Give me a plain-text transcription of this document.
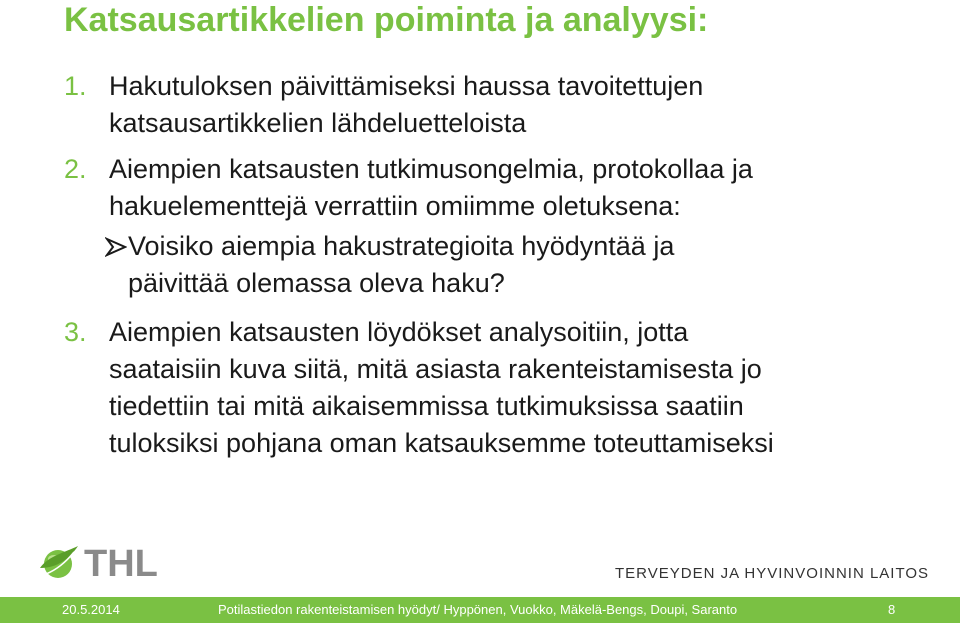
Katsausartikkelien poiminta ja analyysi:
1. Hakutuloksen päivittämiseksi haussa tavoitettujen
katsausartikkelien lähdeluetteloista
2. Aiempien katsausten tutkimusongelmia, protokollaa ja
hakuelementtejä verrattiin omiimme oletuksena:
Voisiko aiempia hakustrategioita hyödyntää ja
päivittää olemassa oleva haku?
3. Aiempien katsausten löydökset analysoitiin, jotta
saataisiin kuva siitä, mitä asiasta rakenteistamisesta jo
tiedettiin tai mitä aikaisemmissa tutkimuksissa saatiin
tuloksiksi pohjana oman katsauksemme toteuttamiseksi
THL	TERVEYDEN JA HYVINVOINNIN LAITOS
20.5.2014	Potilastiedon rakenteistamisen hyödyt/ Hyppönen, Vuokko, Mäkelä-Bengs, Doupi, Saranto	8
